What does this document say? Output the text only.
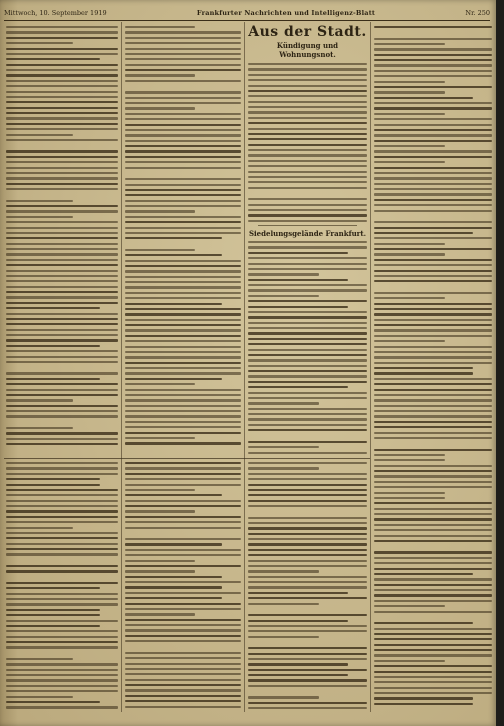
Mittwoch, 10. September 1919	Frankfurter Nachrichten und Intelligenz-Blatt	Nr. 250
Aus der Stadt.
Kündigung und Wohnungsnot.
Siedelungsgelände Frankfurt.
